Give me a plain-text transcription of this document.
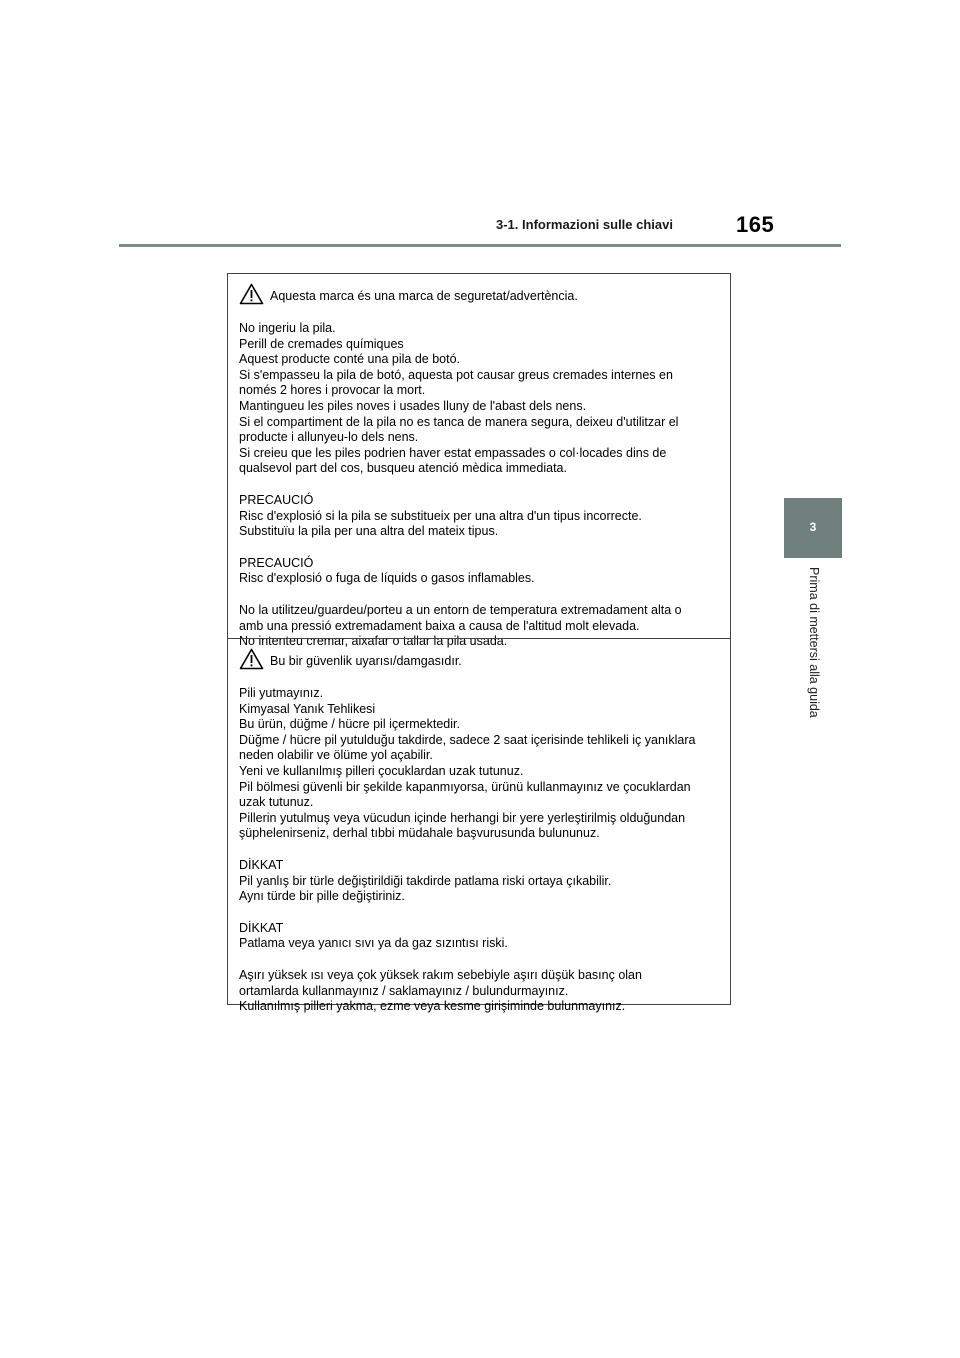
3-1. Informazioni sulle chiavi	165
3
Prima di mettersi alla guida
Aquesta marca és una marca de seguretat/advertència.
No ingeriu la pila.
Perill de cremades químiques
Aquest producte conté una pila de botó.
Si s'empasseu la pila de botó, aquesta pot causar greus cremades internes en
només 2 hores i provocar la mort.
Mantingueu les piles noves i usades lluny de l'abast dels nens.
Si el compartiment de la pila no es tanca de manera segura, deixeu d'utilitzar el
producte i allunyeu-lo dels nens.
Si creieu que les piles podrien haver estat empassades o col·locades dins de
qualsevol part del cos, busqueu atenció mèdica immediata.
PRECAUCIÓ
Risc d'explosió si la pila se substitueix per una altra d'un tipus incorrecte.
Substituïu la pila per una altra del mateix tipus.
PRECAUCIÓ
Risc d'explosió o fuga de líquids o gasos inflamables.
No la utilitzeu/guardeu/porteu a un entorn de temperatura extremadament alta o
amb una pressió extremadament baixa a causa de l'altitud molt elevada.
No intenteu cremar, aixafar o tallar la pila usada.
Bu bir güvenlik uyarısı/damgasıdır.
Pili yutmayınız.
Kimyasal Yanık Tehlikesi
Bu ürün, düğme / hücre pil içermektedir.
Düğme / hücre pil yutulduğu takdirde, sadece 2 saat içerisinde tehlikeli iç yanıklara
neden olabilir ve ölüme yol açabilir.
Yeni ve kullanılmış pilleri çocuklardan uzak tutunuz.
Pil bölmesi güvenli bir şekilde kapanmıyorsa, ürünü kullanmayınız ve çocuklardan
uzak tutunuz.
Pillerin yutulmuş veya vücudun içinde herhangi bir yere yerleştirilmiş olduğundan
şüphelenirseniz, derhal tıbbi müdahale başvurusunda bulununuz.
DİKKAT
Pil yanlış bir türle değiştirildiği takdirde patlama riski ortaya çıkabilir.
Aynı türde bir pille değiştiriniz.
DİKKAT
Patlama veya yanıcı sıvı ya da gaz sızıntısı riski.
Aşırı yüksek ısı veya çok yüksek rakım sebebiyle aşırı düşük basınç olan
ortamlarda kullanmayınız / saklamayınız / bulundurmayınız.
Kullanılmış pilleri yakma, ezme veya kesme girişiminde bulunmayınız.
